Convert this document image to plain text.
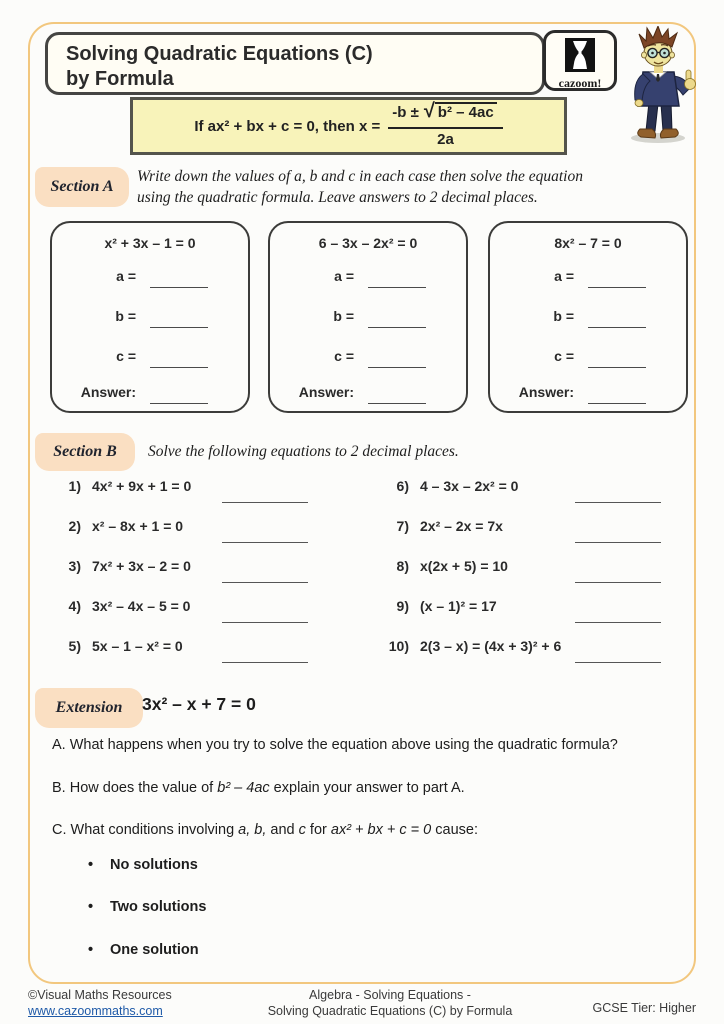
Solving Quadratic Equations (C)
by Formula	cazoom!
If ax² + bx + c = 0, then $x = \frac{\text{-b ± √ b² – 4ac}}{2a}$
Section A
Write down the values of a, b and c in each case then solve the equation using the quadratic formula. Leave answers to 2 decimal places.
x² + 3x – 1 = 0
a =
b =
c =
Answer:
6 – 3x – 2x² = 0
a =
b =
c =
Answer:
8x² – 7 = 0
a =
b =
c =
Answer:
Section B	Solve the following equations to 2 decimal places.
1) 4x² + 9x + 1 = 0
2) x² – 8x + 1 = 0
3) 7x² + 3x – 2 = 0
4) 3x² – 4x – 5 = 0
5) 5x – 1 – x² = 0
6) 4 – 3x – 2x² = 0
7) 2x² – 2x = 7x
8) x(2x + 5) = 10
9) (x – 1)² = 17
10) 2(3 – x) = (4x + 3)² + 6
Extension	3x² – x + 7 = 0
A. What happens when you try to solve the equation above using the quadratic formula?
B. How does the value of b² – 4ac explain your answer to part A.
C. What conditions involving a, b, and c for ax² + bx + c = 0 cause:
• No solutions
• Two solutions
• One solution
©Visual Maths Resources
www.cazoommaths.com
Algebra - Solving Equations -
Solving Quadratic Equations (C) by Formula	GCSE Tier: Higher
